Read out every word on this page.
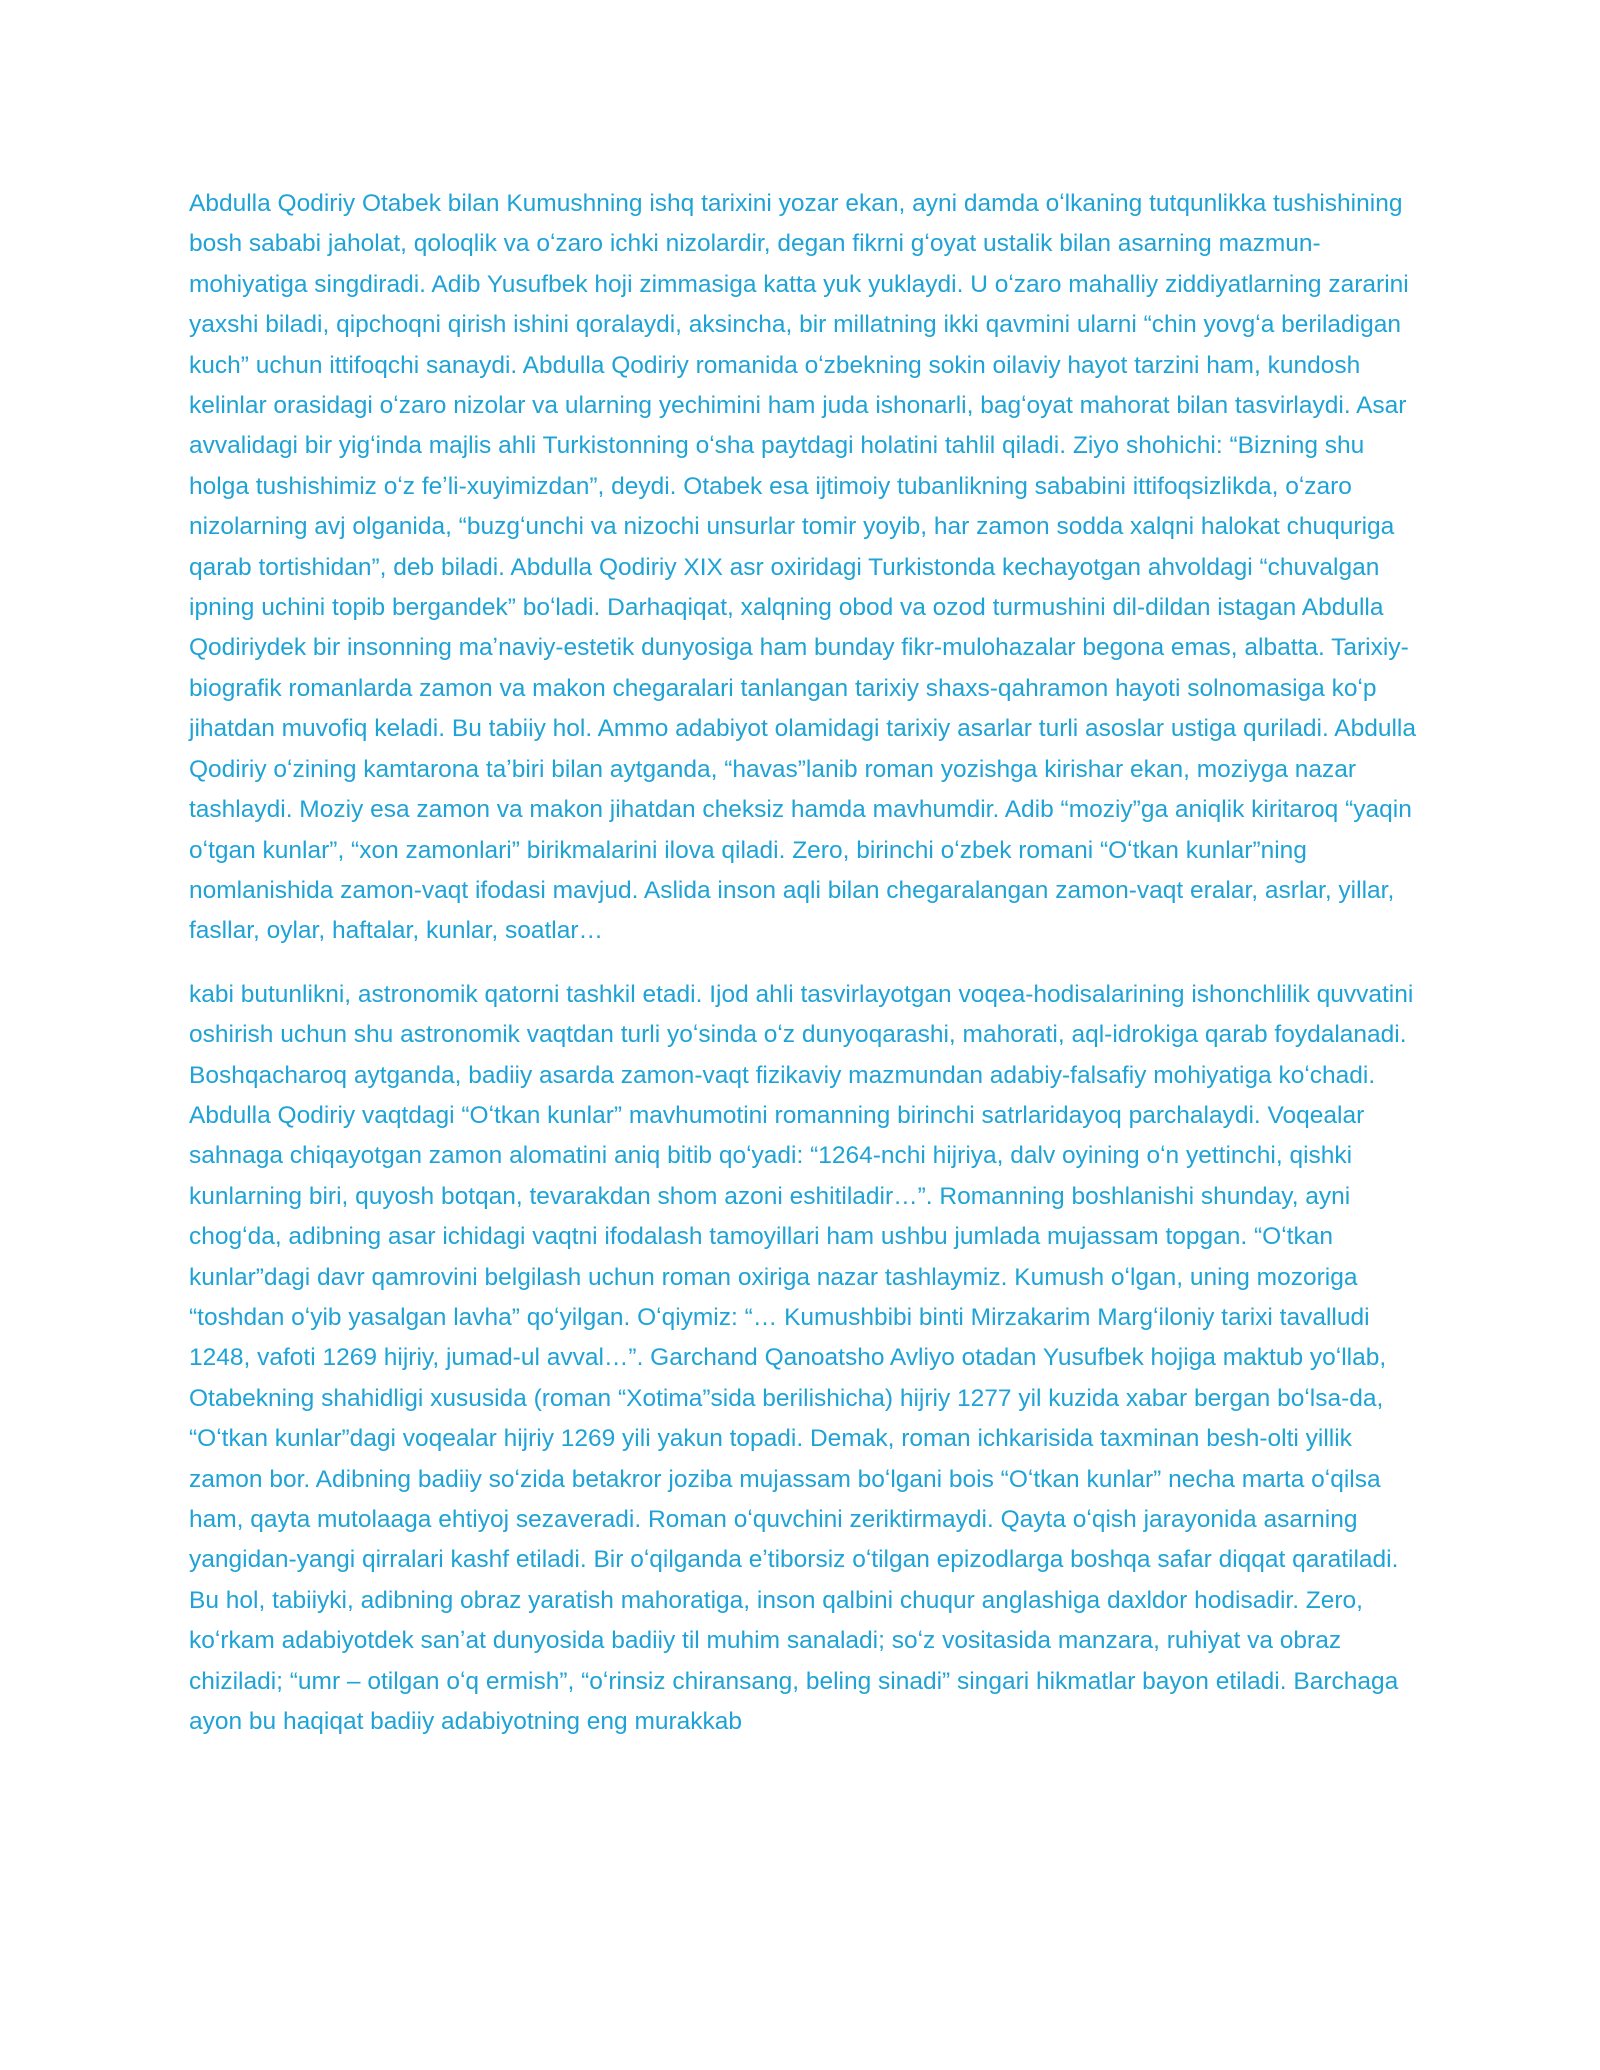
Abdulla Qodiriy Otabek bilan Kumushning ishq tarixini yozar ekan, ayni damda oʻlkaning tutqunlikka tushishining bosh sababi jaholat, qoloqlik va oʻzaro ichki nizolardir, degan fikrni gʻoyat ustalik bilan asarning mazmun-mohiyatiga singdiradi. Adib Yusufbek hoji zimmasiga katta yuk yuklaydi. U oʻzaro mahalliy ziddiyatlarning zararini yaxshi biladi, qipchoqni qirish ishini qoralaydi, aksincha, bir millatning ikki qavmini ularni “chin yovgʻa beriladigan kuch” uchun ittifoqchi sanaydi. Abdulla Qodiriy romanida oʻzbekning sokin oilaviy hayot tarzini ham, kundosh kelinlar orasidagi oʻzaro nizolar va ularning yechimini ham juda ishonarli, bagʻoyat mahorat bilan tasvirlaydi. Asar avvalidagi bir yigʻinda majlis ahli Turkistonning oʻsha paytdagi holatini tahlil qiladi. Ziyo shohichi: “Bizning shu holga tushishimiz oʻz feʼli-xuyimizdan”, deydi. Otabek esa ijtimoiy tubanlikning sababini ittifoqsizlikda, oʻzaro nizolarning avj olganida, “buzgʻunchi va nizochi unsurlar tomir yoyib, har zamon sodda xalqni halokat chuquriga qarab tortishidan”, deb biladi. Abdulla Qodiriy XIX asr oxiridagi Turkistonda kechayotgan ahvoldagi “chuvalgan ipning uchini topib bergandek” boʻladi. Darhaqiqat, xalqning obod va ozod turmushini dil-dildan istagan Abdulla Qodiriydek bir insonning maʼnaviy-estetik dunyosiga ham bunday fikr-mulohazalar begona emas, albatta. Tarixiy-biografik romanlarda zamon va makon chegaralari tanlangan tarixiy shaxs-qahramon hayoti solnomasiga koʻp jihatdan muvofiq keladi. Bu tabiiy hol. Ammo adabiyot olamidagi tarixiy asarlar turli asoslar ustiga quriladi. Abdulla Qodiriy oʻzining kamtarona taʼbiri bilan aytganda, “havas”lanib roman yozishga kirishar ekan, moziyga nazar tashlaydi. Moziy esa zamon va makon jihatdan cheksiz hamda mavhumdir. Adib “moziy”ga aniqlik kiritaroq “yaqin oʻtgan kunlar”, “xon zamonlari” birikmalarini ilova qiladi. Zero, birinchi oʻzbek romani “Oʻtkan kunlar”ning nomlanishida zamon-vaqt ifodasi mavjud. Aslida inson aqli bilan chegaralangan zamon-vaqt eralar, asrlar, yillar, fasllar, oylar, haftalar, kunlar, soatlar…

kabi butunlikni, astronomik qatorni tashkil etadi. Ijod ahli tasvirlayotgan voqea-hodisalarining ishonchlilik quvvatini oshirish uchun shu astronomik vaqtdan turli yoʻsinda oʻz dunyoqarashi, mahorati, aql-idrokiga qarab foydalanadi. Boshqacharoq aytganda, badiiy asarda zamon-vaqt fizikaviy mazmundan adabiy-falsafiy mohiyatiga koʻchadi. Abdulla Qodiriy vaqtdagi “Oʻtkan kunlar” mavhumotini romanning birinchi satrlaridayoq parchalaydi. Voqealar sahnaga chiqayotgan zamon alomatini aniq bitib qoʻyadi: “1264-nchi hijriya, dalv oyining oʻn yettinchi, qishki kunlarning biri, quyosh botqan, tevarakdan shom azoni eshitiladir…”. Romanning boshlanishi shunday, ayni chogʻda, adibning asar ichidagi vaqtni ifodalash tamoyillari ham ushbu jumlada mujassam topgan. “Oʻtkan kunlar”dagi davr qamrovini belgilash uchun roman oxiriga nazar tashlaymiz. Kumush oʻlgan, uning mozoriga “toshdan oʻyib yasalgan lavha” qoʻyilgan. Oʻqiymiz: “… Kumushbibi binti Mirzakarim Margʻiloniy tarixi tavalludi 1248, vafoti 1269 hijriy, jumad-ul avval…”. Garchand Qanoatsho Avliyo otadan Yusufbek hojiga maktub yoʻllab, Otabekning shahidligi xususida (roman “Xotima”sida berilishicha) hijriy 1277 yil kuzida xabar bergan boʻlsa-da, “Oʻtkan kunlar”dagi voqealar hijriy 1269 yili yakun topadi. Demak, roman ichkarisida taxminan besh-olti yillik zamon bor. Adibning badiiy soʻzida betakror joziba mujassam boʻlgani bois “Oʻtkan kunlar” necha marta oʻqilsa ham, qayta mutolaaga ehtiyoj sezaveradi. Roman oʻquvchini zeriktirmaydi. Qayta oʻqish jarayonida asarning yangidan-yangi qirralari kashf etiladi. Bir oʻqilganda eʼtiborsiz oʻtilgan epizodlarga boshqa safar diqqat qaratiladi. Bu hol, tabiiyki, adibning obraz yaratish mahoratiga, inson qalbini chuqur anglashiga daxldor hodisadir. Zero, koʻrkam adabiyotdek sanʼat dunyosida badiiy til muhim sanaladi; soʻz vositasida manzara, ruhiyat va obraz chiziladi; “umr – otilgan oʻq ermish”, “oʻrinsiz chiransang, beling sinadi” singari hikmatlar bayon etiladi. Barchaga ayon bu haqiqat badiiy adabiyotning eng murakkab
